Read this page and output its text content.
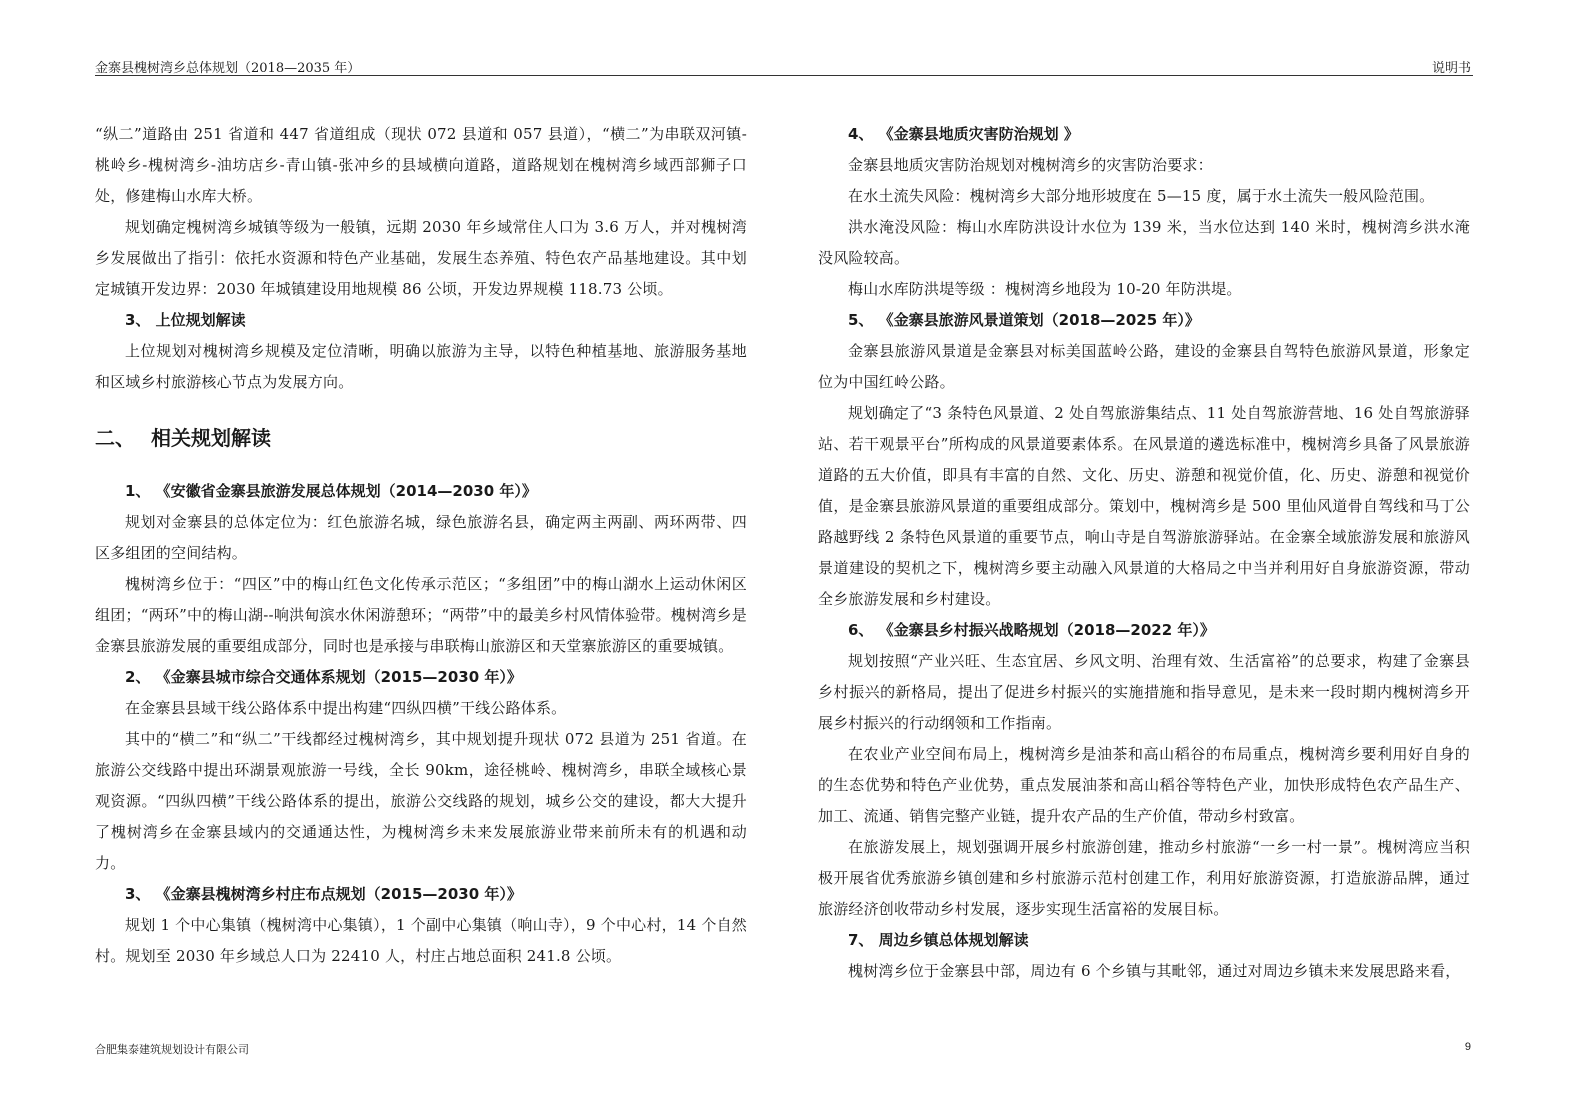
金寨县槐树湾乡总体规划（2018—2035 年）	说明书

“纵二”道路由 251 省道和 447 省道组成（现状 072 县道和 057 县道），“横二”为串联双河镇-桃岭乡-槐树湾乡-油坊店乡-青山镇-张冲乡的县域横向道路，道路规划在槐树湾乡域西部狮子口处，修建梅山水库大桥。

规划确定槐树湾乡城镇等级为一般镇，远期 2030 年乡域常住人口为 3.6 万人，并对槐树湾乡发展做出了指引：依托水资源和特色产业基础，发展生态养殖、特色农产品基地建设。其中划定城镇开发边界：2030 年城镇建设用地规模 86 公顷，开发边界规模 118.73 公顷。

3、 上位规划解读

上位规划对槐树湾乡规模及定位清晰，明确以旅游为主导，以特色种植基地、旅游服务基地和区域乡村旅游核心节点为发展方向。

二、 相关规划解读

1、 《安徽省金寨县旅游发展总体规划（2014—2030 年）》

规划对金寨县的总体定位为：红色旅游名城，绿色旅游名县，确定两主两副、两环两带、四区多组团的空间结构。

槐树湾乡位于：“四区”中的梅山红色文化传承示范区；“多组团”中的梅山湖水上运动休闲区组团；“两环”中的梅山湖--响洪甸滨水休闲游憩环；“两带”中的最美乡村风情体验带。槐树湾乡是金寨县旅游发展的重要组成部分，同时也是承接与串联梅山旅游区和天堂寨旅游区的重要城镇。

2、 《金寨县城市综合交通体系规划（2015—2030 年）》

在金寨县县域干线公路体系中提出构建“四纵四横”干线公路体系。

其中的“横二”和“纵二”干线都经过槐树湾乡，其中规划提升现状 072 县道为 251 省道。在旅游公交线路中提出环湖景观旅游一号线，全长 90km，途径桃岭、槐树湾乡，串联全域核心景观资源。“四纵四横”干线公路体系的提出，旅游公交线路的规划，城乡公交的建设，都大大提升了槐树湾乡在金寨县域内的交通通达性，为槐树湾乡未来发展旅游业带来前所未有的机遇和动力。

3、 《金寨县槐树湾乡村庄布点规划（2015—2030 年）》

规划 1 个中心集镇（槐树湾中心集镇），1 个副中心集镇（响山寺），9 个中心村，14 个自然村。规划至 2030 年乡域总人口为 22410 人，村庄占地总面积 241.8 公顷。

4、 《金寨县地质灾害防治规划 》

金寨县地质灾害防治规划对槐树湾乡的灾害防治要求：

在水土流失风险：槐树湾乡大部分地形坡度在 5—15 度，属于水土流失一般风险范围。

洪水淹没风险：梅山水库防洪设计水位为 139 米，当水位达到 140 米时，槐树湾乡洪水淹没风险较高。

梅山水库防洪堤等级 ：槐树湾乡地段为 10-20 年防洪堤。

5、 《金寨县旅游风景道策划（2018—2025 年）》

金寨县旅游风景道是金寨县对标美国蓝岭公路，建设的金寨县自驾特色旅游风景道，形象定位为中国红岭公路。

规划确定了“3 条特色风景道、2 处自驾旅游集结点、11 处自驾旅游营地、16 处自驾旅游驿站、若干观景平台”所构成的风景道要素体系。在风景道的遴选标准中，槐树湾乡具备了风景旅游道路的五大价值，即具有丰富的自然、文化、历史、游憩和视觉价值，化、历史、游憩和视觉价值，是金寨县旅游风景道的重要组成部分。策划中，槐树湾乡是 500 里仙风道骨自驾线和马丁公路越野线 2 条特色风景道的重要节点，响山寺是自驾游旅游驿站。在金寨全域旅游发展和旅游风景道建设的契机之下，槐树湾乡要主动融入风景道的大格局之中当并利用好自身旅游资源，带动全乡旅游发展和乡村建设。

6、 《金寨县乡村振兴战略规划（2018—2022 年）》

规划按照“产业兴旺、生态宜居、乡风文明、治理有效、生活富裕”的总要求，构建了金寨县乡村振兴的新格局，提出了促进乡村振兴的实施措施和指导意见，是未来一段时期内槐树湾乡开展乡村振兴的行动纲领和工作指南。

在农业产业空间布局上，槐树湾乡是油茶和高山稻谷的布局重点，槐树湾乡要利用好自身的的生态优势和特色产业优势，重点发展油茶和高山稻谷等特色产业，加快形成特色农产品生产、加工、流通、销售完整产业链，提升农产品的生产价值，带动乡村致富。

在旅游发展上，规划强调开展乡村旅游创建，推动乡村旅游“一乡一村一景”。槐树湾应当积极开展省优秀旅游乡镇创建和乡村旅游示范村创建工作，利用好旅游资源，打造旅游品牌，通过旅游经济创收带动乡村发展，逐步实现生活富裕的发展目标。

7、 周边乡镇总体规划解读

槐树湾乡位于金寨县中部，周边有 6 个乡镇与其毗邻，通过对周边乡镇未来发展思路来看，

合肥集泰建筑规划设计有限公司	9
